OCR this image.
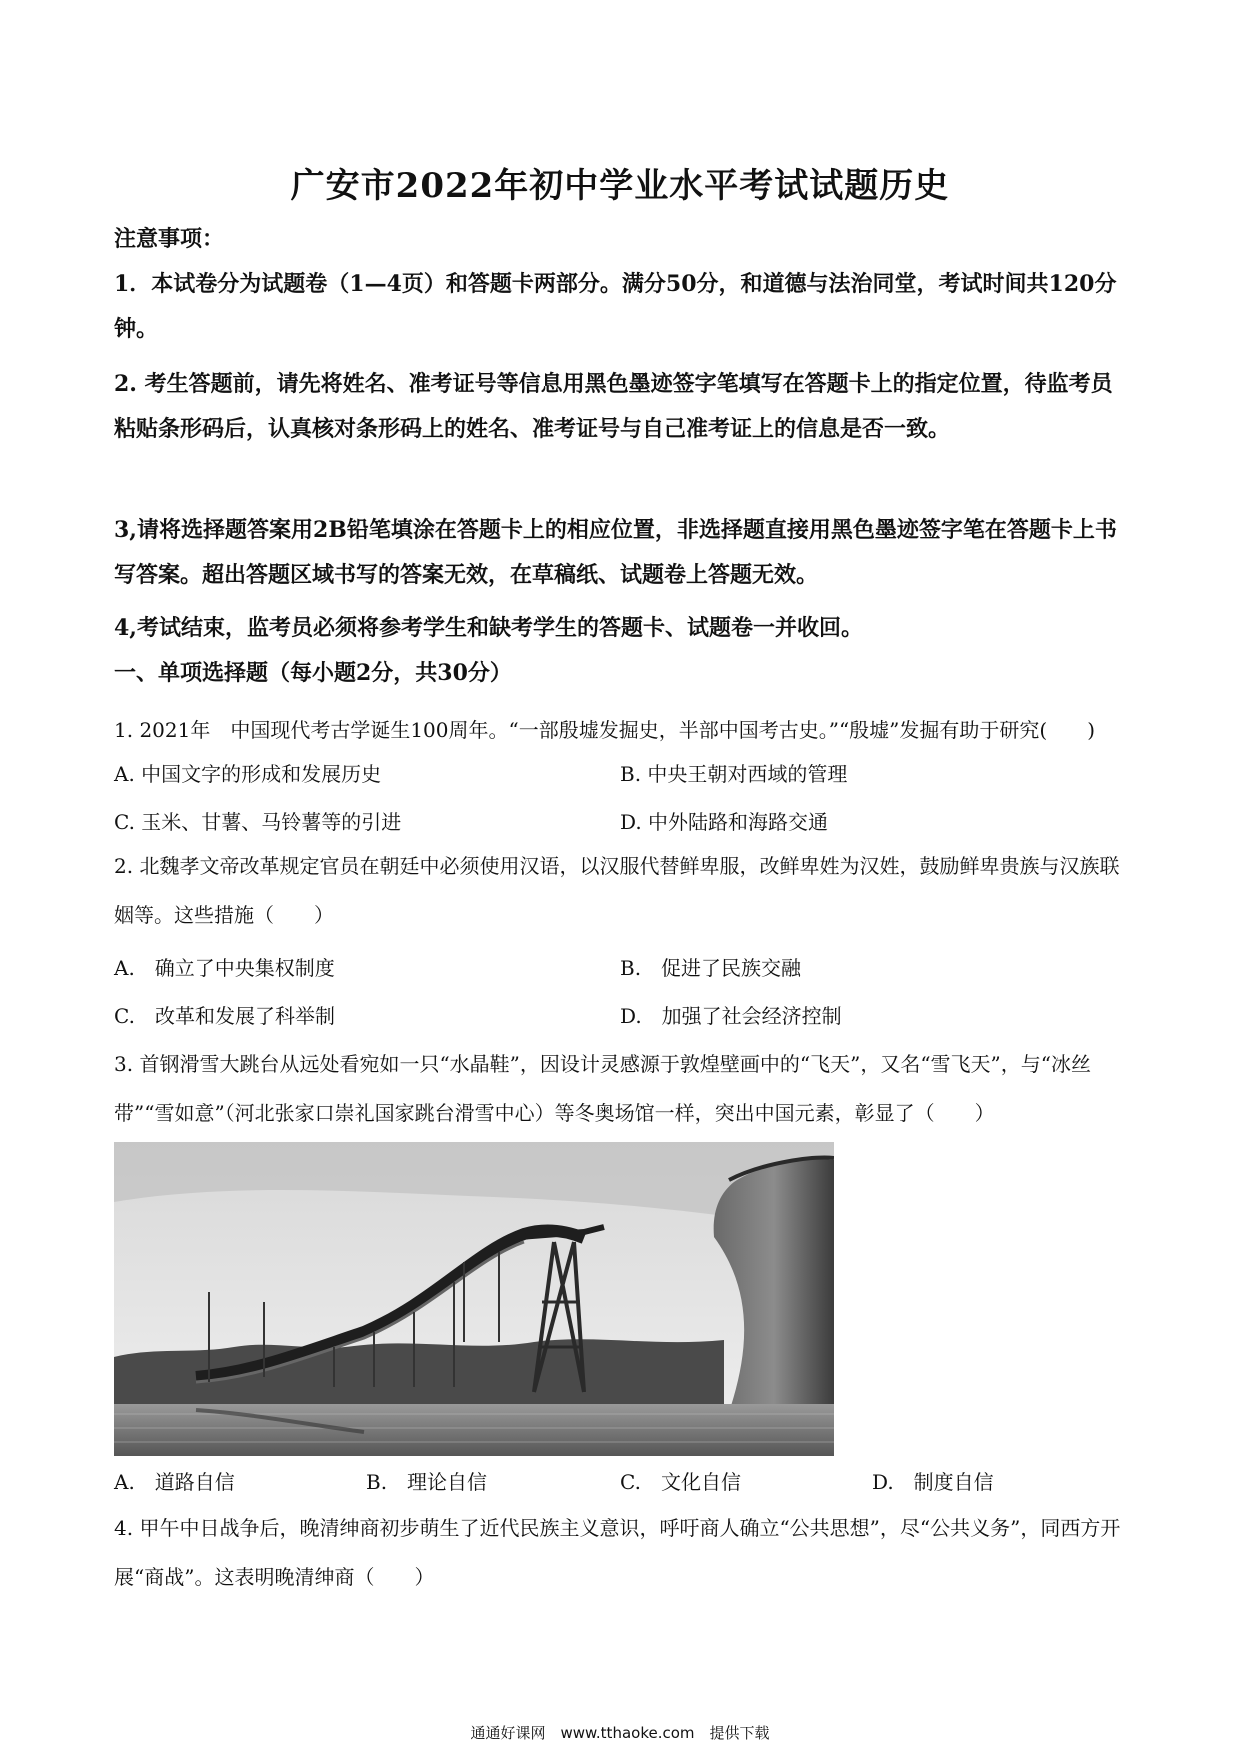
广安市2022年初中学业水平考试试题历史
注意事项：
1．本试卷分为试题卷（1—4页）和答题卡两部分。满分50分，和道德与法治同堂，考试时间共120分钟。
2. 考生答题前，请先将姓名、准考证号等信息用黑色墨迹签字笔填写在答题卡上的指定位置，待监考员粘贴条形码后，认真核对条形码上的姓名、准考证号与自己准考证上的信息是否一致。
3,请将选择题答案用2B铅笔填涂在答题卡上的相应位置，非选择题直接用黑色墨迹签字笔在答题卡上书写答案。超出答题区域书写的答案无效，在草稿纸、试题卷上答题无效。
4,考试结束，监考员必须将参考学生和缺考学生的答题卡、试题卷一并收回。
一、单项选择题（每小题2分，共30分）
1. 2021年　中国现代考古学诞生100周年。“一部殷墟发掘史，半部中国考古史。”“殷墟”发掘有助于研究(　　)
A. 中国文字的形成和发展历史	B. 中央王朝对西域的管理
C. 玉米、甘薯、马铃薯等的引进	D. 中外陆路和海路交通
2. 北魏孝文帝改革规定官员在朝廷中必须使用汉语，以汉服代替鲜卑服，改鲜卑姓为汉姓，鼓励鲜卑贵族与汉族联姻等。这些措施（　　）
A.　确立了中央集权制度	B.　促进了民族交融
C.　改革和发展了科举制	D.　加强了社会经济控制
3. 首钢滑雪大跳台从远处看宛如一只“水晶鞋”，因设计灵感源于敦煌壁画中的“飞天”，又名“雪飞天”，与“冰丝带”“雪如意”（河北张家口崇礼国家跳台滑雪中心）等冬奥场馆一样，突出中国元素，彰显了（　　）
A.　道路自信	B.　理论自信	C.　文化自信	D.　制度自信
4. 甲午中日战争后，晚清绅商初步萌生了近代民族主义意识，呼吁商人确立“公共思想”，尽“公共义务”，同西方开展“商战”。这表明晚清绅商（　　）
通通好课网　www.tthaoke.com　提供下载
